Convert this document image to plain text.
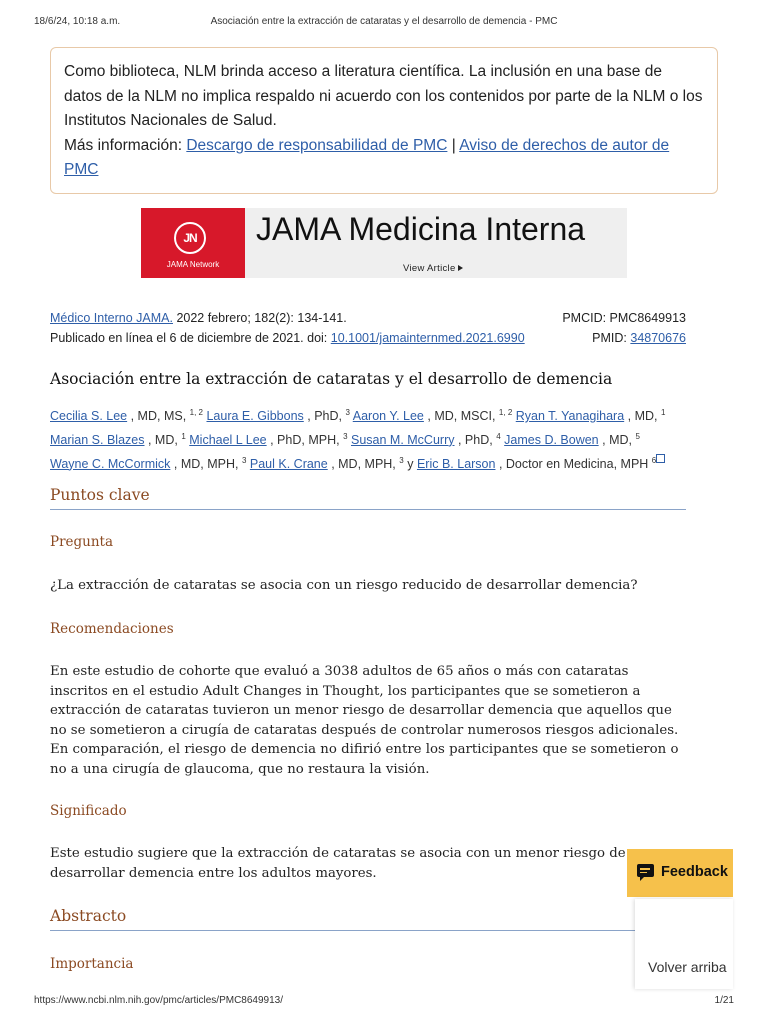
18/6/24, 10:18 a.m.	Asociación entre la extracción de cataratas y el desarrollo de demencia - PMC
Como biblioteca, NLM brinda acceso a literatura científica. La inclusión en una base de datos de la NLM no implica respaldo ni acuerdo con los contenidos por parte de la NLM o los Institutos Nacionales de Salud.
Más información: Descargo de responsabilidad de PMC | Aviso de derechos de autor de PMC
JN
JAMA Network
JAMA Medicina Interna
View Article
Médico Interno JAMA. 2022 febrero; 182(2): 134-141.	PMCID: PMC8649913
Publicado en línea el 6 de diciembre de 2021. doi: 10.1001/jamainternmed.2021.6990	PMID: 34870676
Asociación entre la extracción de cataratas y el desarrollo de demencia
Cecilia S. Lee , MD, MS, $^{1, 2}$ Laura E. Gibbons , PhD, $^3$ Aaron Y. Lee , MD, MSCI, $^{1, 2}$ Ryan T. Yanagihara , MD, $^1$
Marian S. Blazes , MD, $^1$ Michael L Lee , PhD, MPH, $^3$ Susan M. McCurry , PhD, $^4$ James D. Bowen , MD, $^5$
Wayne C. McCormick , MD, MPH, $^3$ Paul K. Crane , MD, MPH, $^3$ y Eric B. Larson , Doctor en Medicina, MPH $^6$
Puntos clave
Pregunta
¿La extracción de cataratas se asocia con un riesgo reducido de desarrollar demencia?
Recomendaciones
En este estudio de cohorte que evaluó a 3038 adultos de 65 años o más con cataratas inscritos en el estudio Adult Changes in Thought, los participantes que se sometieron a extracción de cataratas tuvieron un menor riesgo de desarrollar demencia que aquellos que no se sometieron a cirugía de cataratas después de controlar numerosos riesgos adicionales. En comparación, el riesgo de demencia no difirió entre los participantes que se sometieron o no a una cirugía de glaucoma, que no restaura la visión.
Significado
Este estudio sugiere que la extracción de cataratas se asocia con un menor riesgo de desarrollar demencia entre los adultos mayores.
Abstracto
Importancia
Feedback
Volver arriba
https://www.ncbi.nlm.nih.gov/pmc/articles/PMC8649913/	1/21
